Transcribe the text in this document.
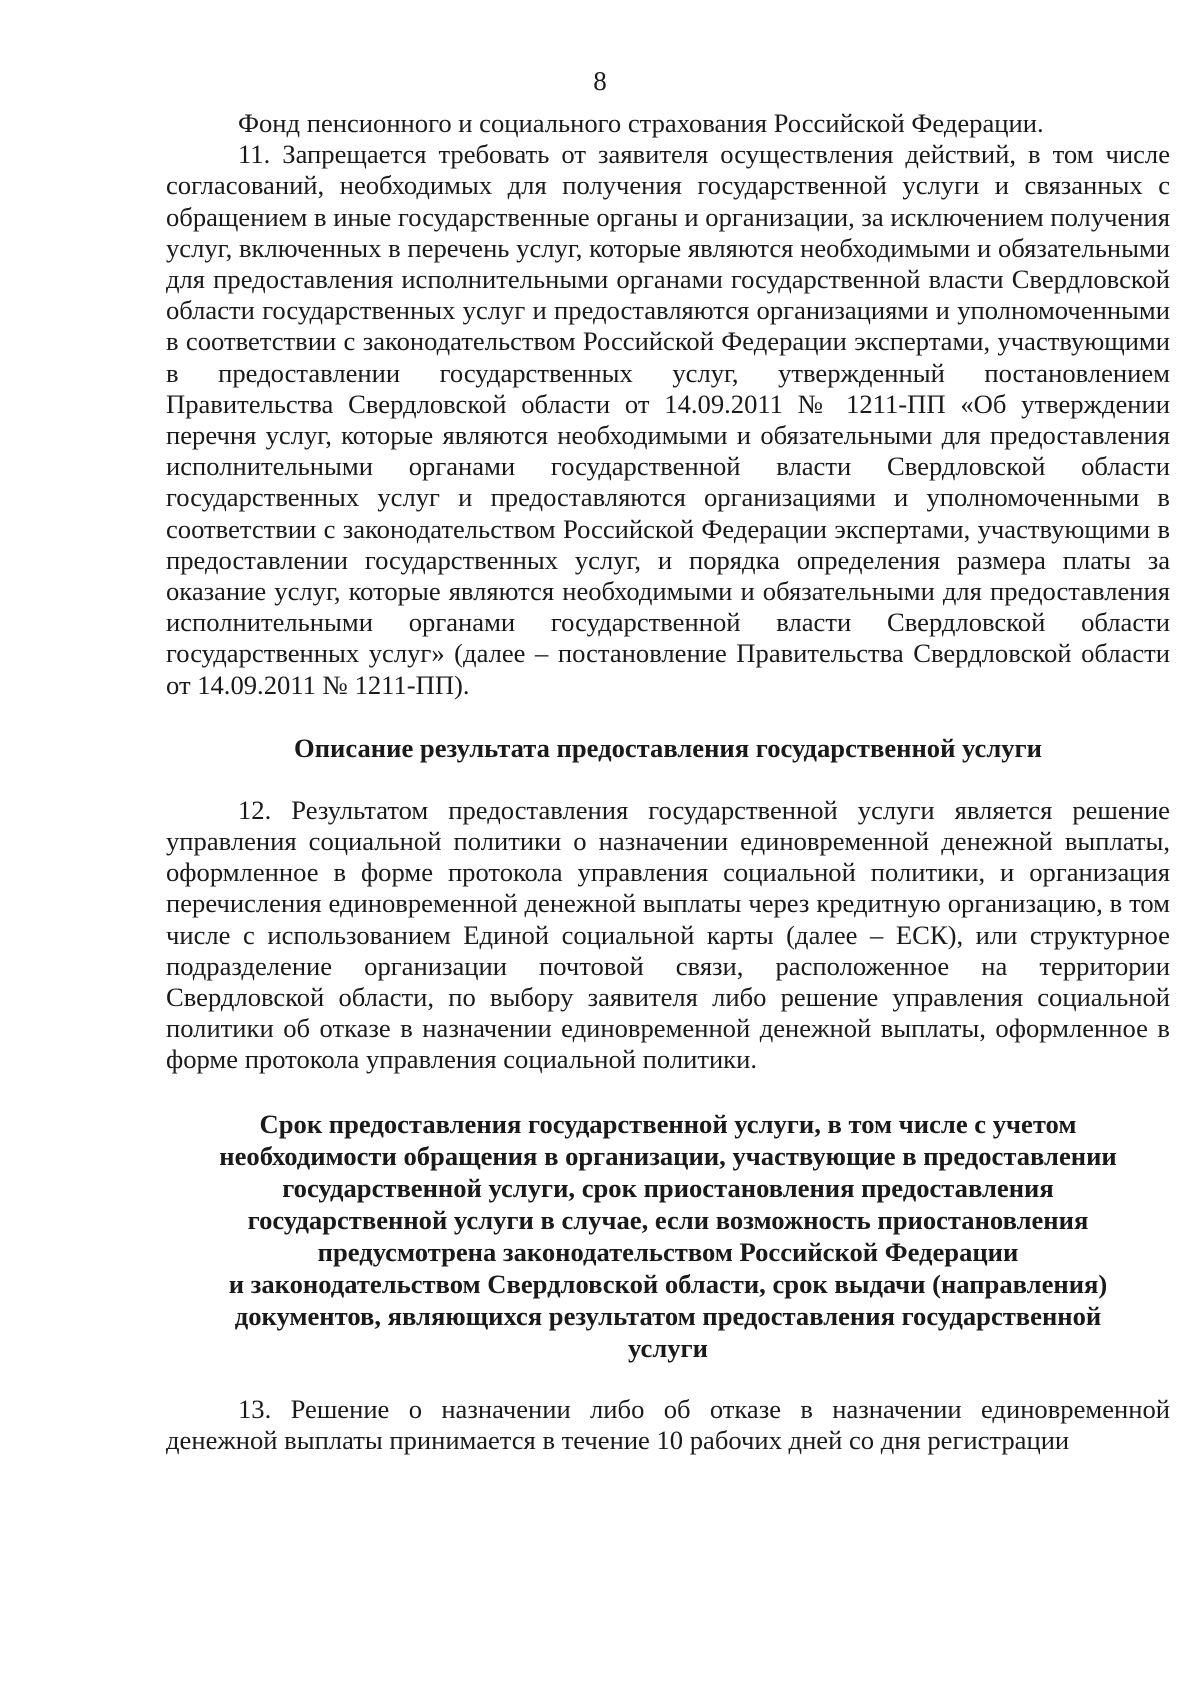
8

Фонд пенсионного и социального страхования Российской Федерации.

11. Запрещается требовать от заявителя осуществления действий, в том числе согласований, необходимых для получения государственной услуги и связанных с обращением в иные государственные органы и организации, за исключением получения услуг, включенных в перечень услуг, которые являются необходимыми и обязательными для предоставления исполнительными органами государственной власти Свердловской области государственных услуг и предоставляются организациями и уполномоченными в соответствии с законодательством Российской Федерации экспертами, участвующими в предоставлении государственных услуг, утвержденный постановлением Правительства Свердловской области от 14.09.2011 № 1211-ПП «Об утверждении перечня услуг, которые являются необходимыми и обязательными для предоставления исполнительными органами государственной власти Свердловской области государственных услуг и предоставляются организациями и уполномоченными в соответствии с законодательством Российской Федерации экспертами, участвующими в предоставлении государственных услуг, и порядка определения размера платы за оказание услуг, которые являются необходимыми и обязательными для предоставления исполнительными органами государственной власти Свердловской области государственных услуг» (далее – постановление Правительства Свердловской области от 14.09.2011 № 1211-ПП).

Описание результата предоставления государственной услуги

12. Результатом предоставления государственной услуги является решение управления социальной политики о назначении единовременной денежной выплаты, оформленное в форме протокола управления социальной политики, и организация перечисления единовременной денежной выплаты через кредитную организацию, в том числе с использованием Единой социальной карты (далее – ЕСК), или структурное подразделение организации почтовой связи, расположенное на территории Свердловской области, по выбору заявителя либо решение управления социальной политики об отказе в назначении единовременной денежной выплаты, оформленное в форме протокола управления социальной политики.

Срок предоставления государственной услуги, в том числе с учетом
необходимости обращения в организации, участвующие в предоставлении
государственной услуги, срок приостановления предоставления
государственной услуги в случае, если возможность приостановления
предусмотрена законодательством Российской Федерации
и законодательством Свердловской области, срок выдачи (направления)
документов, являющихся результатом предоставления государственной
услуги

13. Решение о назначении либо об отказе в назначении единовременной денежной выплаты принимается в течение 10 рабочих дней со дня регистрации
